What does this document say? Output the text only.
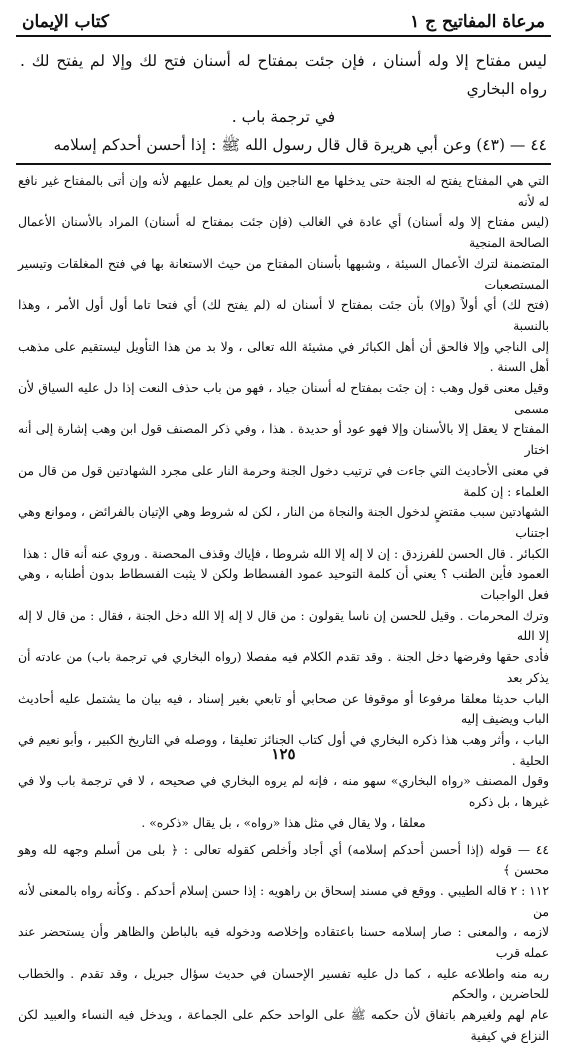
مرعاة المفاتيح ج ١
كتاب الإيمان

ليس مفتاح إلا وله أسنان ، فإن جئت بمفتاح له أسنان فتح لك وإلا لم يفتح لك . رواه البخاري

في ترجمة باب .

٤٤ — (٤٣) وعن أبي هريرة قال قال رسول الله ﷺ : إذا أحسن أحدكم إسلامه

التي هي المفتاح يفتح له الجنة حتى يدخلها مع الناجين وإن لم يعمل عليهم لأنه وإن أتى بالمفتاح غير نافع له لأنه

(ليس مفتاح إلا وله أسنان) أي عادة في الغالب (فإن جئت بمفتاح له أسنان) المراد بالأسنان الأعمال الصالحة المنجية

المتضمنة لترك الأعمال السيئة ، وشبهها بأسنان المفتاح من حيث الاستعانة بها في فتح المغلقات وتيسير المستصعبات

(فتح لك) أي أولاً (وإلا) بأن جئت بمفتاح لا أسنان له (لم يفتح لك) أي فتحا تاما أول أول الأمر ، وهذا بالنسبة

إلى الناجي وإلا فالحق أن أهل الكبائر في مشيئة الله تعالى ، ولا بد من هذا التأويل ليستقيم على مذهب أهل السنة .

وقيل معنى قول وهب : إن جئت بمفتاح له أسنان جياد ، فهو من باب حذف النعت إذا دل عليه السياق لأن مسمى

المفتاح لا يعقل إلا بالأسنان وإلا فهو عود أو حديدة . هذا ، وفي ذكر المصنف قول ابن وهب إشارة إلى أنه اختار

في معنى الأحاديث التي جاءت في ترتيب دخول الجنة وحرمة النار على مجرد الشهادتين قول من قال من العلماء : إن كلمة

الشهادتين سبب مقتضٍ لدخول الجنة والنجاة من النار ، لكن له شروط وهي الإتيان بالفرائض ، وموانع وهي اجتناب

الكبائر . قال الحسن للفرزدق : إن لا إله إلا الله شروطا ، فإياك وقذف المحصنة . وروي عنه أنه قال : هذا

العمود فأين الطنب ؟ يعني أن كلمة التوحيد عمود الفسطاط ولكن لا يثبت الفسطاط بدون أطنابه ، وهي فعل الواجبات

وترك المحرمات . وقيل للحسن إن ناسا يقولون : من قال لا إله إلا الله دخل الجنة ، فقال : من قال لا إله إلا الله

فأدى حقها وفرضها دخل الجنة . وقد تقدم الكلام فيه مفصلا (رواه البخاري في ترجمة باب) من عادته أن يذكر بعد

الباب حديثا معلقا مرفوعا أو موقوفا عن صحابي أو تابعي بغير إسناد ، فيه بيان ما يشتمل عليه أحاديث الباب ويضيف إليه

الباب ، وأثر وهب هذا ذكره البخاري في أول كتاب الجنائز تعليقا ، ووصله في التاريخ الكبير ، وأبو نعيم في الحلية .

وقول المصنف «رواه البخاري» سهو منه ، فإنه لم يروه البخاري في صحيحه ، لا في ترجمة باب ولا في غيرها ، بل ذكره

معلقا ، ولا يقال في مثل هذا «رواه» ، بل يقال «ذكره» .

٤٤ — قوله (إذا أحسن أحدكم إسلامه) أي أجاد وأخلص كقوله تعالى : ﴿ بلى من أسلم وجهه لله وهو محسن ﴾

١١٢ : ٢ قاله الطيبي . ووقع في مسند إسحاق بن راهويه : إذا حسن إسلام أحدكم . وكأنه رواه بالمعنى لأنه من

لازمه ، والمعنى : صار إسلامه حسنا باعتقاده وإخلاصه ودخوله فيه بالباطن والظاهر وأن يستحضر عند عمله قرب

ربه منه واطلاعه عليه ، كما دل عليه تفسير الإحسان في حديث سؤال جبريل ، وقد تقدم . والخطاب للحاضرين ، والحكم

عام لهم ولغيرهم باتفاق لأن حكمه ﷺ على الواحد حكم على الجماعة ، ويدخل فيه النساء والعبيد لكن النزاع في كيفية

١٢٥
